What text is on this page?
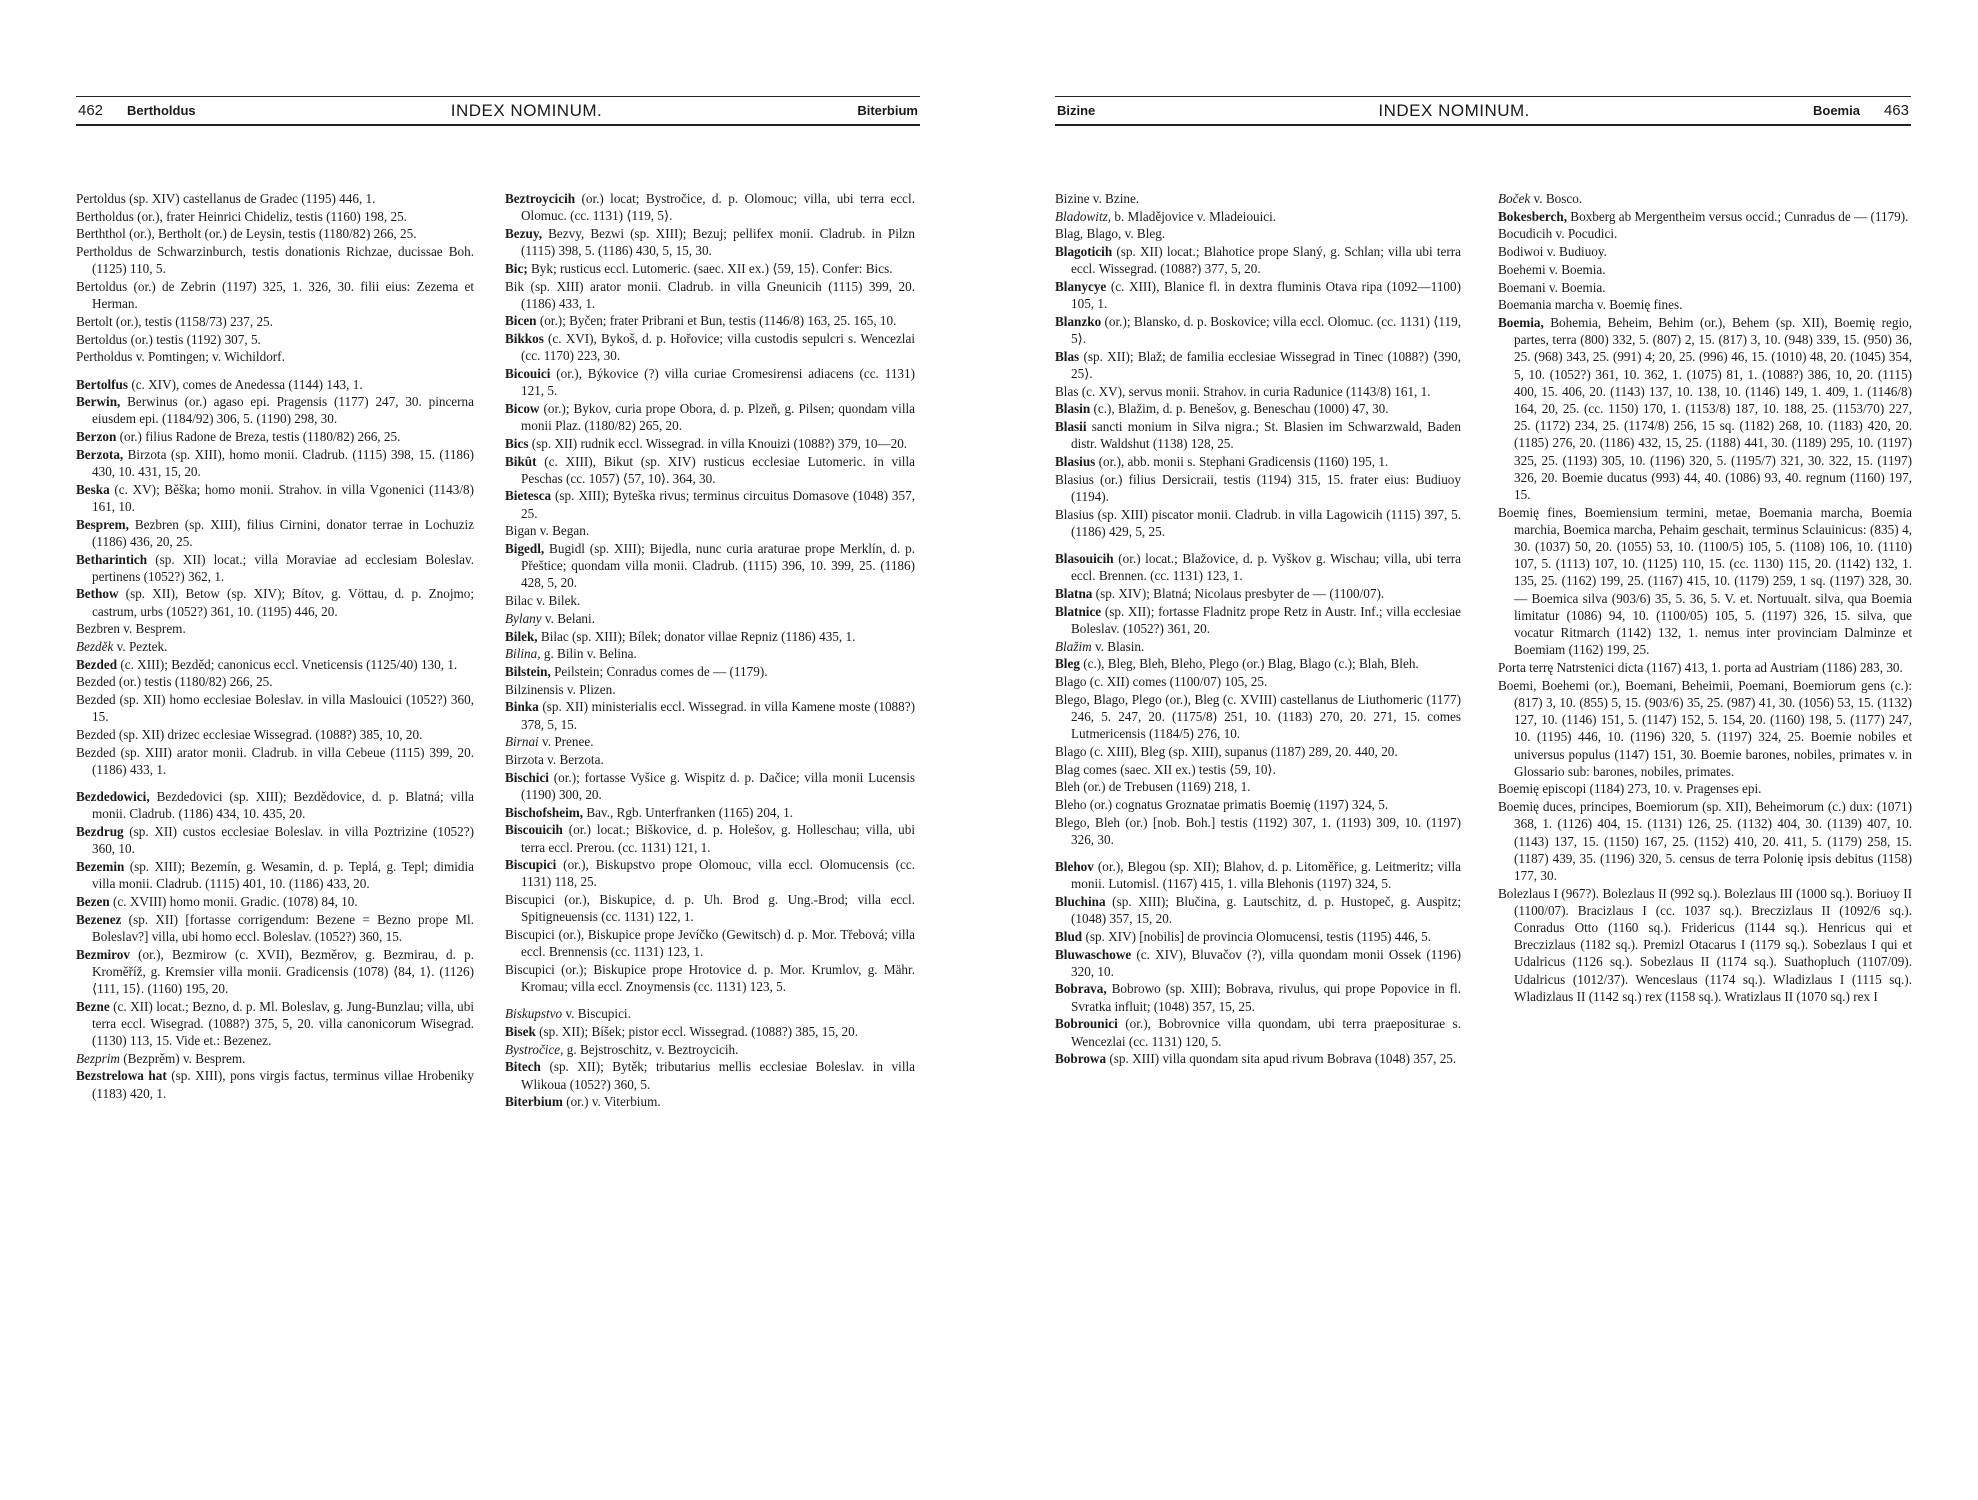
462 Bertholdus	INDEX NOMINUM.	Biterbium
Pertoldus (sp. XIV) castellanus de Gradec (1195) 446, 1.
Bertholdus (or.), frater Heinrici Chideliz, testis (1160) 198, 25.
Berththol (or.), Bertholt (or.) de Leysin, testis (1180/82) 266, 25.
Pertholdus de Schwarzinburch, testis donationis Richzae, ducissae Boh. (1125) 110, 5.
Bertoldus (or.) de Zebrin (1197) 325, 1. 326, 30. filii eius: Zezema et Herman.
Bertolt (or.), testis (1158/73) 237, 25.
Bertoldus (or.) testis (1192) 307, 5.
Pertholdus v. Pomtingen; v. Wichildorf.
Bertolfus (c. XIV), comes de Anedessa (1144) 143, 1.
Berwin, Berwinus (or.) agaso epi. Pragensis (1177) 247, 30. pincerna eiusdem epi. (1184/92) 306, 5. (1190) 298, 30.
Berzon (or.) filius Radone de Breza, testis (1180/82) 266, 25.
Berzota, Birzota (sp. XIII), homo monii. Cladrub. (1115) 398, 15. (1186) 430, 10. 431, 15, 20.
Beska (c. XV); Běška; homo monii. Strahov. in villa Vgonenici (1143/8) 161, 10.
Besprem, Bezbren (sp. XIII), filius Cirnini, donator terrae in Lochuziz (1186) 436, 20, 25.
Betharintich (sp. XII) locat.; villa Moraviae ad ecclesiam Boleslav. pertinens (1052?) 362, 1.
Bethow (sp. XII), Betow (sp. XIV); Bítov, g. Vöttau, d. p. Znojmo; castrum, urbs (1052?) 361, 10. (1195) 446, 20.
Bezbren v. Besprem.
Bezděk v. Peztek.
Bezded (c. XIII); Bezděd; canonicus eccl. Vneticensis (1125/40) 130, 1.
Bezded (or.) testis (1180/82) 266, 25.
Bezded (sp. XII) homo ecclesiae Boleslav. in villa Maslouici (1052?) 360, 15.
Bezded (sp. XII) drizec ecclesiae Wissegrad. (1088?) 385, 10, 20.
Bezded (sp. XIII) arator monii. Cladrub. in villa Cebeue (1115) 399, 20. (1186) 433, 1.
Bezdedowici, Bezdedovici (sp. XIII); Bezdědovice, d. p. Blatná; villa monii. Cladrub. (1186) 434, 10. 435, 20.
Bezdrug (sp. XII) custos ecclesiae Boleslav. in villa Poztrizine (1052?) 360, 10.
Bezemin (sp. XIII); Bezemín, g. Wesamin, d. p. Teplá, g. Tepl; dimidia villa monii. Cladrub. (1115) 401, 10. (1186) 433, 20.
Bezen (c. XVIII) homo monii. Gradic. (1078) 84, 10.
Bezenez (sp. XII) [fortasse corrigendum: Bezene = Bezno prope Ml. Boleslav?] villa, ubi homo eccl. Boleslav. (1052?) 360, 15.
Bezmirov (or.), Bezmirow (c. XVII), Bezměrov, g. Bezmirau, d. p. Kroměříž, g. Kremsier villa monii. Gradicensis (1078) ⟨84, 1⟩. (1126) ⟨111, 15⟩. (1160) 195, 20.
Bezne (c. XII) locat.; Bezno, d. p. Ml. Boleslav, g. Jung-Bunzlau; villa, ubi terra eccl. Wisegrad. (1088?) 375, 5, 20. villa canonicorum Wisegrad. (1130) 113, 15. Vide et.: Bezenez.
Bezprim (Bezprěm) v. Besprem.
Bezstrelowa hat (sp. XIII), pons virgis factus, terminus villae Hrobeniky (1183) 420, 1.
Beztroycicih (or.) locat; Bystročice, d. p. Olomouc; villa, ubi terra eccl. Olomuc. (cc. 1131) ⟨119, 5⟩.
Bezuy, Bezvy, Bezwi (sp. XIII); Bezuj; pellifex monii. Cladrub. in Pilzn (1115) 398, 5. (1186) 430, 5, 15, 30.
Bic; Byk; rusticus eccl. Lutomeric. (saec. XII ex.) ⟨59, 15⟩. Confer: Bics.
Bik (sp. XIII) arator monii. Cladrub. in villa Gneunicih (1115) 399, 20. (1186) 433, 1.
Bicen (or.); Byčen; frater Pribrani et Bun, testis (1146/8) 163, 25. 165, 10.
Bikkos (c. XVI), Bykoš, d. p. Hořovice; villa custodis sepulcri s. Wencezlai (cc. 1170) 223, 30.
Bicouici (or.), Býkovice (?) villa curiae Cromesirensi adiacens (cc. 1131) 121, 5.
Bicow (or.); Bykov, curia prope Obora, d. p. Plzeň, g. Pilsen; quondam villa monii Plaz. (1180/82) 265, 20.
Bics (sp. XII) rudnik eccl. Wissegrad. in villa Knouizi (1088?) 379, 10—20.
Bikût (c. XIII), Bikut (sp. XIV) rusticus ecclesiae Lutomeric. in villa Peschas (cc. 1057) ⟨57, 10⟩. 364, 30.
Bietesca (sp. XIII); Byteška rivus; terminus circuitus Domasove (1048) 357, 25.
Bigan v. Began.
Bigedl, Bugidl (sp. XIII); Bijedla, nunc curia araturae prope Merklín, d. p. Přeštice; quondam villa monii. Cladrub. (1115) 396, 10. 399, 25. (1186) 428, 5, 20.
Bilac v. Bilek.
Bylany v. Belani.
Bilek, Bilac (sp. XIII); Bílek; donator villae Repniz (1186) 435, 1.
Bilina, g. Bilin v. Belina.
Bilstein, Peilstein; Conradus comes de — (1179).
Bilzinensis v. Plizen.
Binka (sp. XII) ministerialis eccl. Wissegrad. in villa Kamene moste (1088?) 378, 5, 15.
Birnai v. Prenee.
Birzota v. Berzota.
Bischici (or.); fortasse Vyšice g. Wispitz d. p. Dačice; villa monii Lucensis (1190) 300, 20.
Bischofsheim, Bav., Rgb. Unterfranken (1165) 204, 1.
Biscouicih (or.) locat.; Biškovice, d. p. Holešov, g. Holleschau; villa, ubi terra eccl. Prerou. (cc. 1131) 121, 1.
Biscupici (or.), Biskupstvo prope Olomouc, villa eccl. Olomucensis (cc. 1131) 118, 25.
Biscupici (or.), Biskupice, d. p. Uh. Brod g. Ung.-Brod; villa eccl. Spitigneuensis (cc. 1131) 122, 1.
Biscupici (or.), Biskupice prope Jevíčko (Gewitsch) d. p. Mor. Třebová; villa eccl. Brennensis (cc. 1131) 123, 1.
Biscupici (or.); Biskupice prope Hrotovice d. p. Mor. Krumlov, g. Mähr. Kromau; villa eccl. Znoymensis (cc. 1131) 123, 5.
Biskupstvo v. Biscupici.
Bisek (sp. XII); Bíšek; pistor eccl. Wissegrad. (1088?) 385, 15, 20.
Bystročice, g. Bejstroschitz, v. Beztroycicih.
Bitech (sp. XII); Bytěk; tributarius mellis ecclesiae Boleslav. in villa Wlikoua (1052?) 360, 5.
Biterbium (or.) v. Viterbium.
Bizine	INDEX NOMINUM.	Boemia 463
Bizine v. Bzine.
Bladowitz, b. Mladějovice v. Mladeiouici.
Blag, Blago, v. Bleg.
Blagoticih (sp. XII) locat.; Blahotice prope Slaný, g. Schlan; villa ubi terra eccl. Wissegrad. (1088?) 377, 5, 20.
Blanycye (c. XIII), Blanice fl. in dextra fluminis Otava ripa (1092—1100) 105, 1.
Blanzko (or.); Blansko, d. p. Boskovice; villa eccl. Olomuc. (cc. 1131) ⟨119, 5⟩.
Blas (sp. XII); Blaž; de familia ecclesiae Wissegrad in Tinec (1088?) ⟨390, 25⟩.
Blas (c. XV), servus monii. Strahov. in curia Radunice (1143/8) 161, 1.
Blasin (c.), Blažim, d. p. Benešov, g. Beneschau (1000) 47, 30.
Blasii sancti monium in Silva nigra.; St. Blasien im Schwarzwald, Baden distr. Waldshut (1138) 128, 25.
Blasius (or.), abb. monii s. Stephani Gradicensis (1160) 195, 1.
Blasius (or.) filius Dersicraii, testis (1194) 315, 15. frater eius: Budiuoy (1194).
Blasius (sp. XIII) piscator monii. Cladrub. in villa Lagowicih (1115) 397, 5. (1186) 429, 5, 25.
Blasouicih (or.) locat.; Blažovice, d. p. Vyškov g. Wischau; villa, ubi terra eccl. Brennen. (cc. 1131) 123, 1.
Blatna (sp. XIV); Blatná; Nicolaus presbyter de — (1100/07).
Blatnice (sp. XII); fortasse Fladnitz prope Retz in Austr. Inf.; villa ecclesiae Boleslav. (1052?) 361, 20.
Blažim v. Blasin.
Bleg (c.), Bleg, Bleh, Bleho, Plego (or.) Blag, Blago (c.); Blah, Bleh.
Blago (c. XII) comes (1100/07) 105, 25.
Blego, Blago, Plego (or.), Bleg (c. XVIII) castellanus de Liuthomeric (1177) 246, 5. 247, 20. (1175/8) 251, 10. (1183) 270, 20. 271, 15. comes Lutmericensis (1184/5) 276, 10.
Blago (c. XIII), Bleg (sp. XIII), supanus (1187) 289, 20. 440, 20.
Blag comes (saec. XII ex.) testis ⟨59, 10⟩.
Bleh (or.) de Trebusen (1169) 218, 1.
Bleho (or.) cognatus Groznatae primatis Boemię (1197) 324, 5.
Blego, Bleh (or.) [nob. Boh.] testis (1192) 307, 1. (1193) 309, 10. (1197) 326, 30.
Blehov (or.), Blegou (sp. XII); Blahov, d. p. Litoměřice, g. Leitmeritz; villa monii. Lutomisl. (1167) 415, 1. villa Blehonis (1197) 324, 5.
Bluchina (sp. XIII); Blučina, g. Lautschitz, d. p. Hustopeč, g. Auspitz; (1048) 357, 15, 20.
Blud (sp. XIV) [nobilis] de provincia Olomucensi, testis (1195) 446, 5.
Bluwaschowe (c. XIV), Bluvačov (?), villa quondam monii Ossek (1196) 320, 10.
Bobrava, Bobrowo (sp. XIII); Bobrava, rivulus, qui prope Popovice in fl. Svratka influit; (1048) 357, 15, 25.
Bobrounici (or.), Bobrovnice villa quondam, ubi terra praepositurae s. Wencezlai (cc. 1131) 120, 5.
Bobrowa (sp. XIII) villa quondam sita apud rivum Bobrava (1048) 357, 25.
Boček v. Bosco.
Bokesberch, Boxberg ab Mergentheim versus occid.; Cunradus de — (1179).
Bocudicih v. Pocudici.
Bodiwoi v. Budiuoy.
Boehemi v. Boemia.
Boemani v. Boemia.
Boemania marcha v. Boemię fines.
Boemia, Bohemia, Beheim, Behim (or.), Behem (sp. XII), Boemię regio, partes, terra (800) 332, 5. (807) 2, 15. (817) 3, 10. (948) 339, 15. (950) 36, 25. (968) 343, 25. (991) 4; 20, 25. (996) 46, 15. (1010) 48, 20. (1045) 354, 5, 10. (1052?) 361, 10. 362, 1. (1075) 81, 1. (1088?) 386, 10, 20. (1115) 400, 15. 406, 20. (1143) 137, 10. 138, 10. (1146) 149, 1. 409, 1. (1146/8) 164, 20, 25. (cc. 1150) 170, 1. (1153/8) 187, 10. 188, 25. (1153/70) 227, 25. (1172) 234, 25. (1174/8) 256, 15 sq. (1182) 268, 10. (1183) 420, 20. (1185) 276, 20. (1186) 432, 15, 25. (1188) 441, 30. (1189) 295, 10. (1197) 325, 25. (1193) 305, 10. (1196) 320, 5. (1195/7) 321, 30. 322, 15. (1197) 326, 20. Boemie ducatus (993) 44, 40. (1086) 93, 40. regnum (1160) 197, 15.
Boemię fines, Boemiensium termini, metae, Boemania marcha, Boemia marchia, Boemica marcha, Pehaim geschait, terminus Sclauinicus: (835) 4, 30. (1037) 50, 20. (1055) 53, 10. (1100/5) 105, 5. (1108) 106, 10. (1110) 107, 5. (1113) 107, 10. (1125) 110, 15. (cc. 1130) 115, 20. (1142) 132, 1. 135, 25. (1162) 199, 25. (1167) 415, 10. (1179) 259, 1 sq. (1197) 328, 30. — Boemica silva (903/6) 35, 5. 36, 5. V. et. Nortuualt. silva, qua Boemia limitatur (1086) 94, 10. (1100/05) 105, 5. (1197) 326, 15. silva, que vocatur Ritmarch (1142) 132, 1. nemus inter provinciam Dalminze et Boemiam (1162) 199, 25.
Porta terrę Natrstenici dicta (1167) 413, 1. porta ad Austriam (1186) 283, 30.
Boemi, Boehemi (or.), Boemani, Beheimii, Poemani, Boemiorum gens (c.): (817) 3, 10. (855) 5, 15. (903/6) 35, 25. (987) 41, 30. (1056) 53, 15. (1132) 127, 10. (1146) 151, 5. (1147) 152, 5. 154, 20. (1160) 198, 5. (1177) 247, 10. (1195) 446, 10. (1196) 320, 5. (1197) 324, 25. Boemie nobiles et universus populus (1147) 151, 30. Boemie barones, nobiles, primates v. in Glossario sub: barones, nobiles, primates.
Boemię episcopi (1184) 273, 10. v. Pragenses epi.
Boemię duces, principes, Boemiorum (sp. XII), Beheimorum (c.) dux: (1071) 368, 1. (1126) 404, 15. (1131) 126, 25. (1132) 404, 30. (1139) 407, 10. (1143) 137, 15. (1150) 167, 25. (1152) 410, 20. 411, 5. (1179) 258, 15. (1187) 439, 35. (1196) 320, 5. census de terra Polonię ipsis debitus (1158) 177, 30.
Bolezlaus I (967?). Bolezlaus II (992 sq.). Bolezlaus III (1000 sq.). Boriuoy II (1100/07). Bracizlaus I (cc. 1037 sq.). Breczizlaus II (1092/6 sq.). Conradus Otto (1160 sq.). Fridericus (1144 sq.). Henricus qui et Breczizlaus (1182 sq.). Premizl Otacarus I (1179 sq.). Sobezlaus I qui et Udalricus (1126 sq.). Sobezlaus II (1174 sq.). Suathopluch (1107/09). Udalricus (1012/37). Wenceslaus (1174 sq.). Wladizlaus I (1115 sq.). Wladizlaus II (1142 sq.) rex (1158 sq.). Wratizlaus II (1070 sq.) rex I
